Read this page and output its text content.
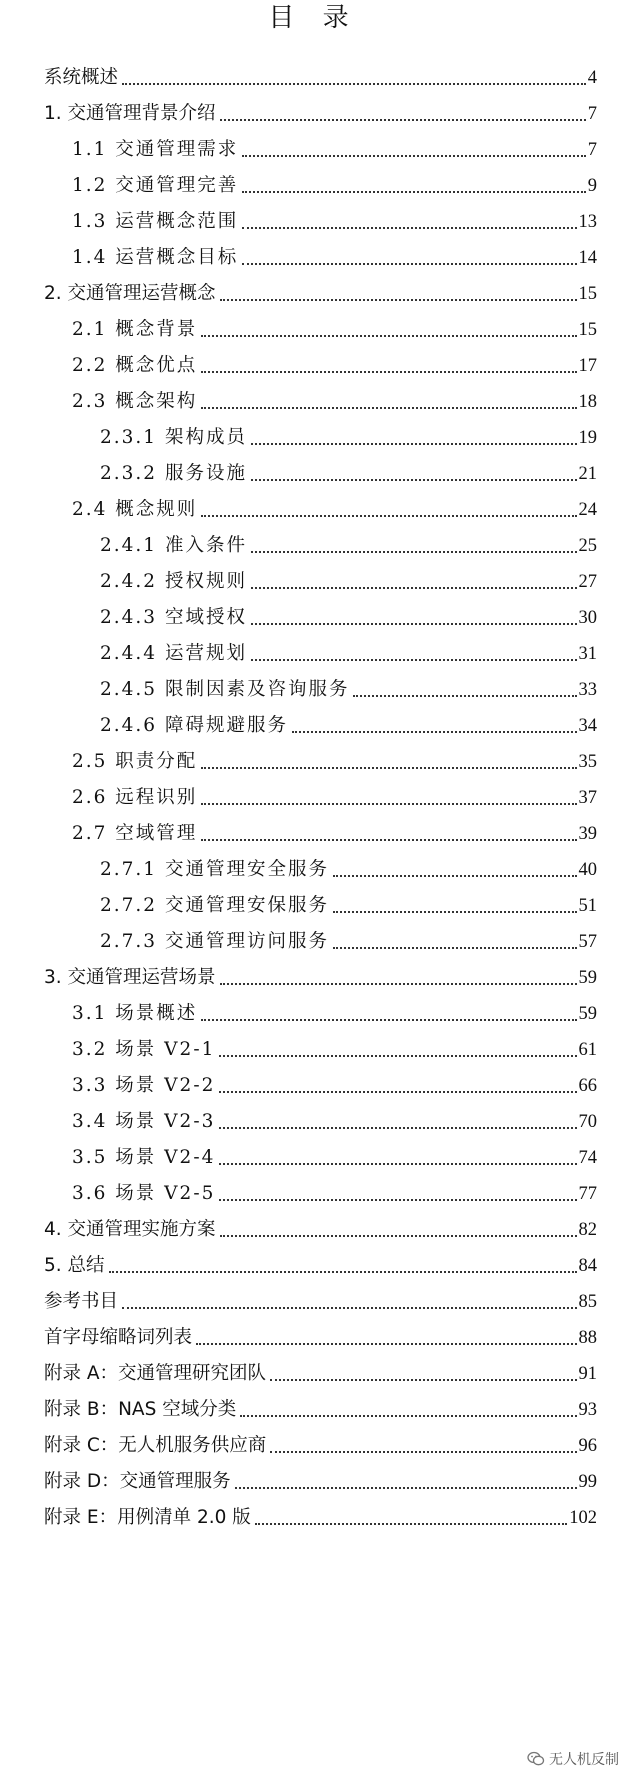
目 录
系统概述	4
1. 交通管理背景介绍	7
1.1 交通管理需求	7
1.2 交通管理完善	9
1.3 运营概念范围	13
1.4 运营概念目标	14
2. 交通管理运营概念	15
2.1 概念背景	15
2.2 概念优点	17
2.3 概念架构	18
2.3.1 架构成员	19
2.3.2 服务设施	21
2.4 概念规则	24
2.4.1 准入条件	25
2.4.2 授权规则	27
2.4.3 空域授权	30
2.4.4 运营规划	31
2.4.5 限制因素及咨询服务	33
2.4.6 障碍规避服务	34
2.5 职责分配	35
2.6 远程识别	37
2.7 空域管理	39
2.7.1 交通管理安全服务	40
2.7.2 交通管理安保服务	51
2.7.3 交通管理访问服务	57
3. 交通管理运营场景	59
3.1 场景概述	59
3.2 场景 V2-1	61
3.3 场景 V2-2	66
3.4 场景 V2-3	70
3.5 场景 V2-4	74
3.6 场景 V2-5	77
4. 交通管理实施方案	82
5. 总结	84
参考书目	85
首字母缩略词列表	88
附录 A：交通管理研究团队	91
附录 B：NAS 空域分类	93
附录 C：无人机服务供应商	96
附录 D：交通管理服务	99
附录 E：用例清单 2.0 版	102
无人机反制
